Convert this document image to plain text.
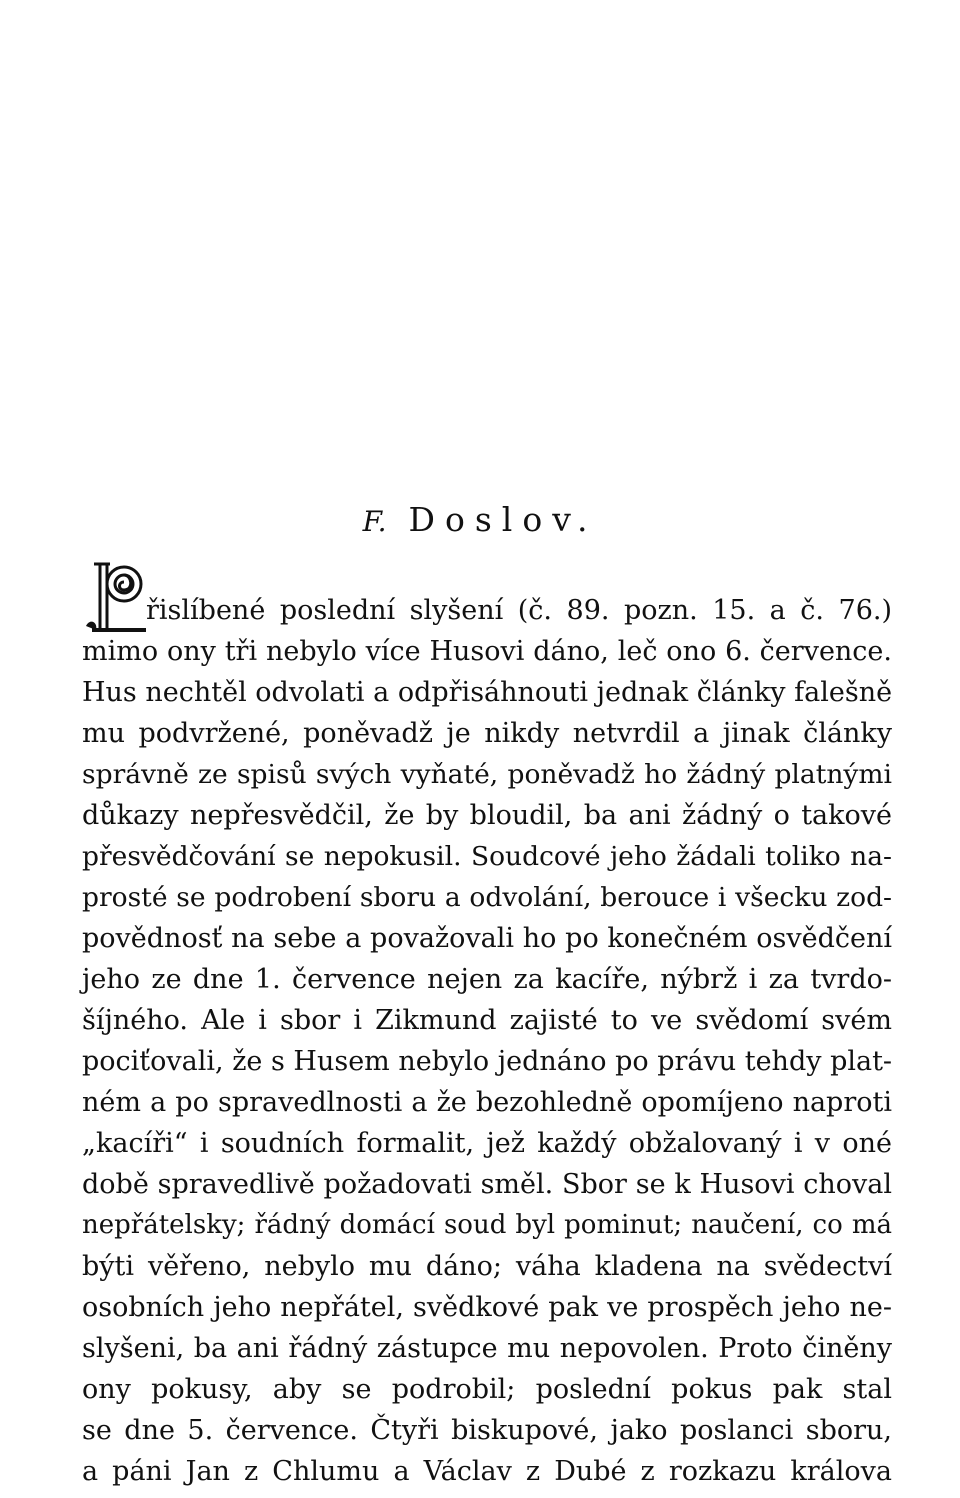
F. Doslov.
řislíbené poslední slyšení (č. 89. pozn. 15. a č. 76.)
mimo ony tři nebylo více Husovi dáno, leč ono 6. července.
Hus nechtěl odvolati a odpřisáhnouti jednak články falešně
mu podvržené, poněvadž je nikdy netvrdil a jinak články
správně ze spisů svých vyňaté, poněvadž ho žádný platnými
důkazy nepřesvědčil, že by bloudil, ba ani žádný o takové
přesvědčování se nepokusil. Soudcové jeho žádali toliko na-
prosté se podrobení sboru a odvolání, berouce i všecku zod-
povědnosť na sebe a považovali ho po konečném osvědčení
jeho ze dne 1. července nejen za kacíře, nýbrž i za tvrdo-
šíjného. Ale i sbor i Zikmund zajisté to ve svědomí svém
pociťovali, že s Husem nebylo jednáno po právu tehdy plat-
ném a po spravedlnosti a že bezohledně opomíjeno naproti
„kacíři“ i soudních formalit, jež každý obžalovaný i v oné
době spravedlivě požadovati směl. Sbor se k Husovi choval
nepřátelsky; řádný domácí soud byl pominut; naučení, co má
býti věřeno, nebylo mu dáno; váha kladena na svědectví
osobních jeho nepřátel, svědkové pak ve prospěch jeho ne-
slyšeni, ba ani řádný zástupce mu nepovolen. Proto činěny
ony pokusy, aby se podrobil; poslední pokus pak stal
se dne 5. července. Čtyři biskupové, jako poslanci sboru,
a páni Jan z Chlumu a Václav z Dubé z rozkazu králova
